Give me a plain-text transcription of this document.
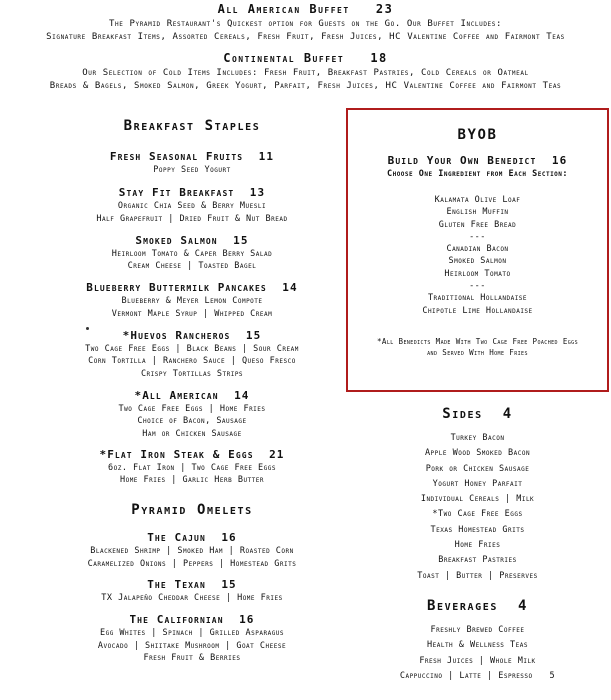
All American Buffet 23
The Pyramid Restaurant's Quickest option for Guests on the Go. Our Buffet Includes:
Signature Breakfast Items, Assorted Cereals, Fresh Fruit, Fresh Juices, HC Valentine Coffee and Fairmont Teas
Continental Buffet 18
Our Selection of Cold Items Includes: Fresh Fruit, Breakfast Pastries, Cold Cereals or Oatmeal
Breads & Bagels, Smoked Salmon, Greek Yogurt, Parfait, Fresh Juices, HC Valentine Coffee and Fairmont Teas
Breakfast Staples
Fresh Seasonal Fruits 11
Poppy Seed Yogurt
Stay Fit Breakfast 13
Organic Chia Seed & Berry Muesli
Half Grapefruit | Dried Fruit & Nut Bread
Smoked Salmon 15
Heirloom Tomato & Caper Berry Salad
Cream Cheese | Toasted Bagel
Blueberry Buttermilk Pancakes 14
Blueberry & Meyer Lemon Compote
Vermont Maple Syrup | Whipped Cream
*Huevos Rancheros 15
Two Cage Free Eggs | Black Beans | Sour Cream
Corn Tortilla | Ranchero Sauce | Queso Fresco
Crispy Tortillas Strips
*All American 14
Two Cage Free Eggs | Home Fries
Choice of Bacon, Sausage
Ham or Chicken Sausage
*Flat Iron Steak & Eggs 21
6oz. Flat Iron | Two Cage Free Eggs
Home Fries | Garlic Herb Butter
Pyramid Omelets
The Cajun 16
Blackened Shrimp | Smoked Ham | Roasted Corn
Caramelized Onions | Peppers | Homestead Grits
The Texan 15
TX Jalapeño Cheddar Cheese | Home Fries
The Californian 16
Egg Whites | Spinach | Grilled Asparagus
Avocado | Shiitake Mushroom | Goat Cheese
Fresh Fruit & Berries
BYOB
Build Your Own Benedict 16
Choose One Ingredient from Each Section:
Kalamata Olive Loaf
English Muffin
Gluten Free Bread
---
Canadian Bacon
Smoked Salmon
Heirloom Tomato
---
Traditional Hollandaise
Chipotle Lime Hollandaise
*All Benedicts Made With Two Cage Free Poached Eggs
and Served With Home Fries
Sides 4
Turkey Bacon
Apple Wood Smoked Bacon
Pork or Chicken Sausage
Yogurt Honey Parfait
Individual Cereals | Milk
*Two Cage Free Eggs
Texas Homestead Grits
Home Fries
Breakfast Pastries
Toast | Butter | Preserves
Beverages 4
Freshly Brewed Coffee
Health & Wellness Teas
Fresh Juices | Whole Milk
Cappuccino | Latte | Espresso 5
